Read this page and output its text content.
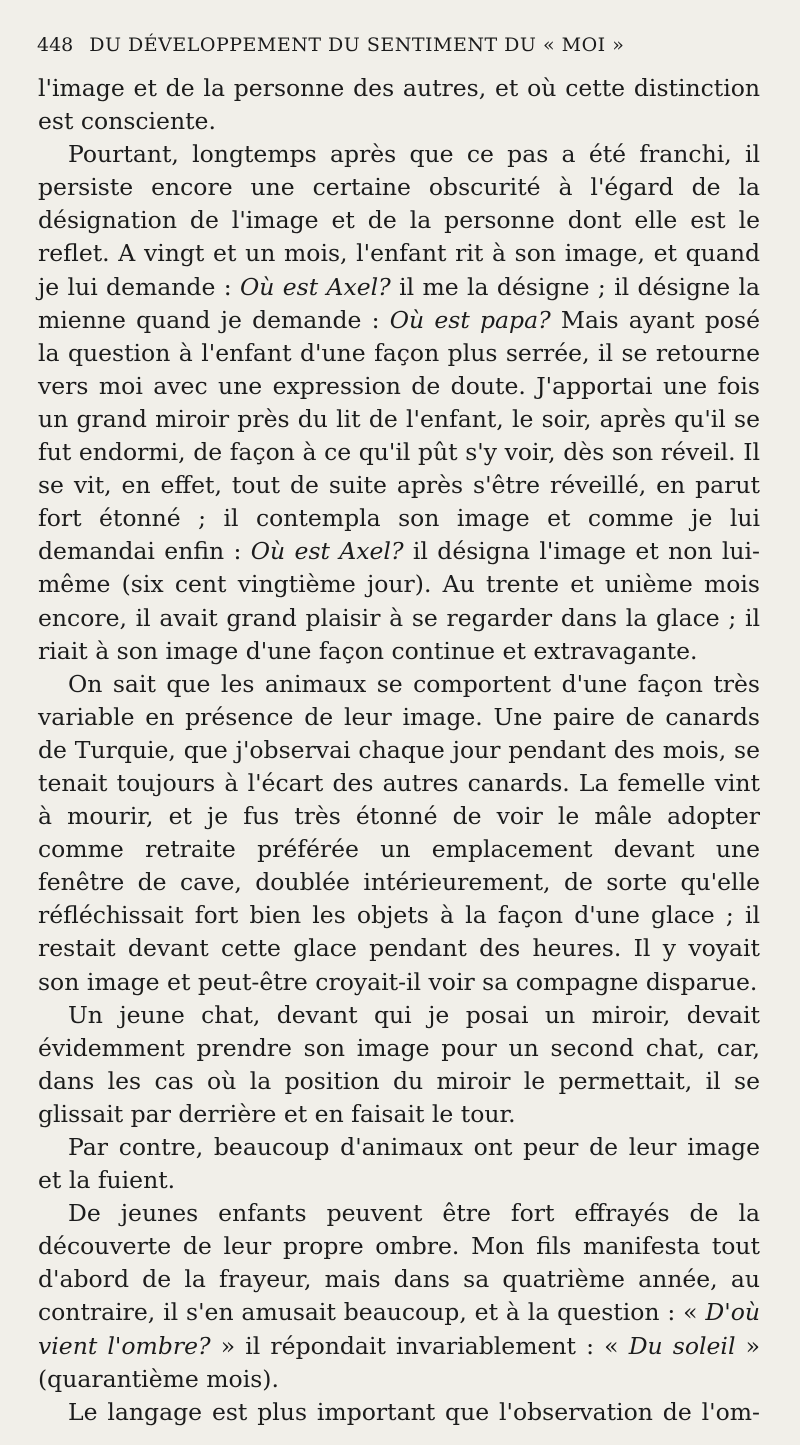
448 DU DÉVELOPPEMENT DU SENTIMENT DU « MOI »

l'image et de la personne des autres, et où cette distinction est consciente.

Pourtant, longtemps après que ce pas a été franchi, il persiste encore une certaine obscurité à l'égard de la désignation de l'image et de la personne dont elle est le reflet. A vingt et un mois, l'enfant rit à son image, et quand je lui demande : Où est Axel? il me la désigne ; il désigne la mienne quand je demande : Où est papa? Mais ayant posé la question à l'enfant d'une façon plus serrée, il se retourne vers moi avec une expression de doute. J'apportai une fois un grand miroir près du lit de l'enfant, le soir, après qu'il se fut endormi, de façon à ce qu'il pût s'y voir, dès son réveil. Il se vit, en effet, tout de suite après s'être réveillé, en parut fort étonné ; il contempla son image et comme je lui demandai enfin : Où est Axel? il désigna l'image et non lui-même (six cent vingtième jour). Au trente et unième mois encore, il avait grand plaisir à se regarder dans la glace ; il riait à son image d'une façon continue et extravagante.

On sait que les animaux se comportent d'une façon très variable en présence de leur image. Une paire de canards de Turquie, que j'observai chaque jour pendant des mois, se tenait toujours à l'écart des autres canards. La femelle vint à mourir, et je fus très étonné de voir le mâle adopter comme retraite préférée un emplacement devant une fenêtre de cave, doublée intérieurement, de sorte qu'elle réfléchissait fort bien les objets à la façon d'une glace ; il restait devant cette glace pendant des heures. Il y voyait son image et peut-être croyait-il voir sa compagne disparue.

Un jeune chat, devant qui je posai un miroir, devait évidemment prendre son image pour un second chat, car, dans les cas où la position du miroir le permettait, il se glissait par derrière et en faisait le tour.

Par contre, beaucoup d'animaux ont peur de leur image et la fuient.

De jeunes enfants peuvent être fort effrayés de la découverte de leur propre ombre. Mon fils manifesta tout d'abord de la frayeur, mais dans sa quatrième année, au contraire, il s'en amusait beaucoup, et à la question : « D'où vient l'ombre? » il répondait invariablement : « Du soleil » (quarantième mois).

Le langage est plus important que l'observation de l'om-
